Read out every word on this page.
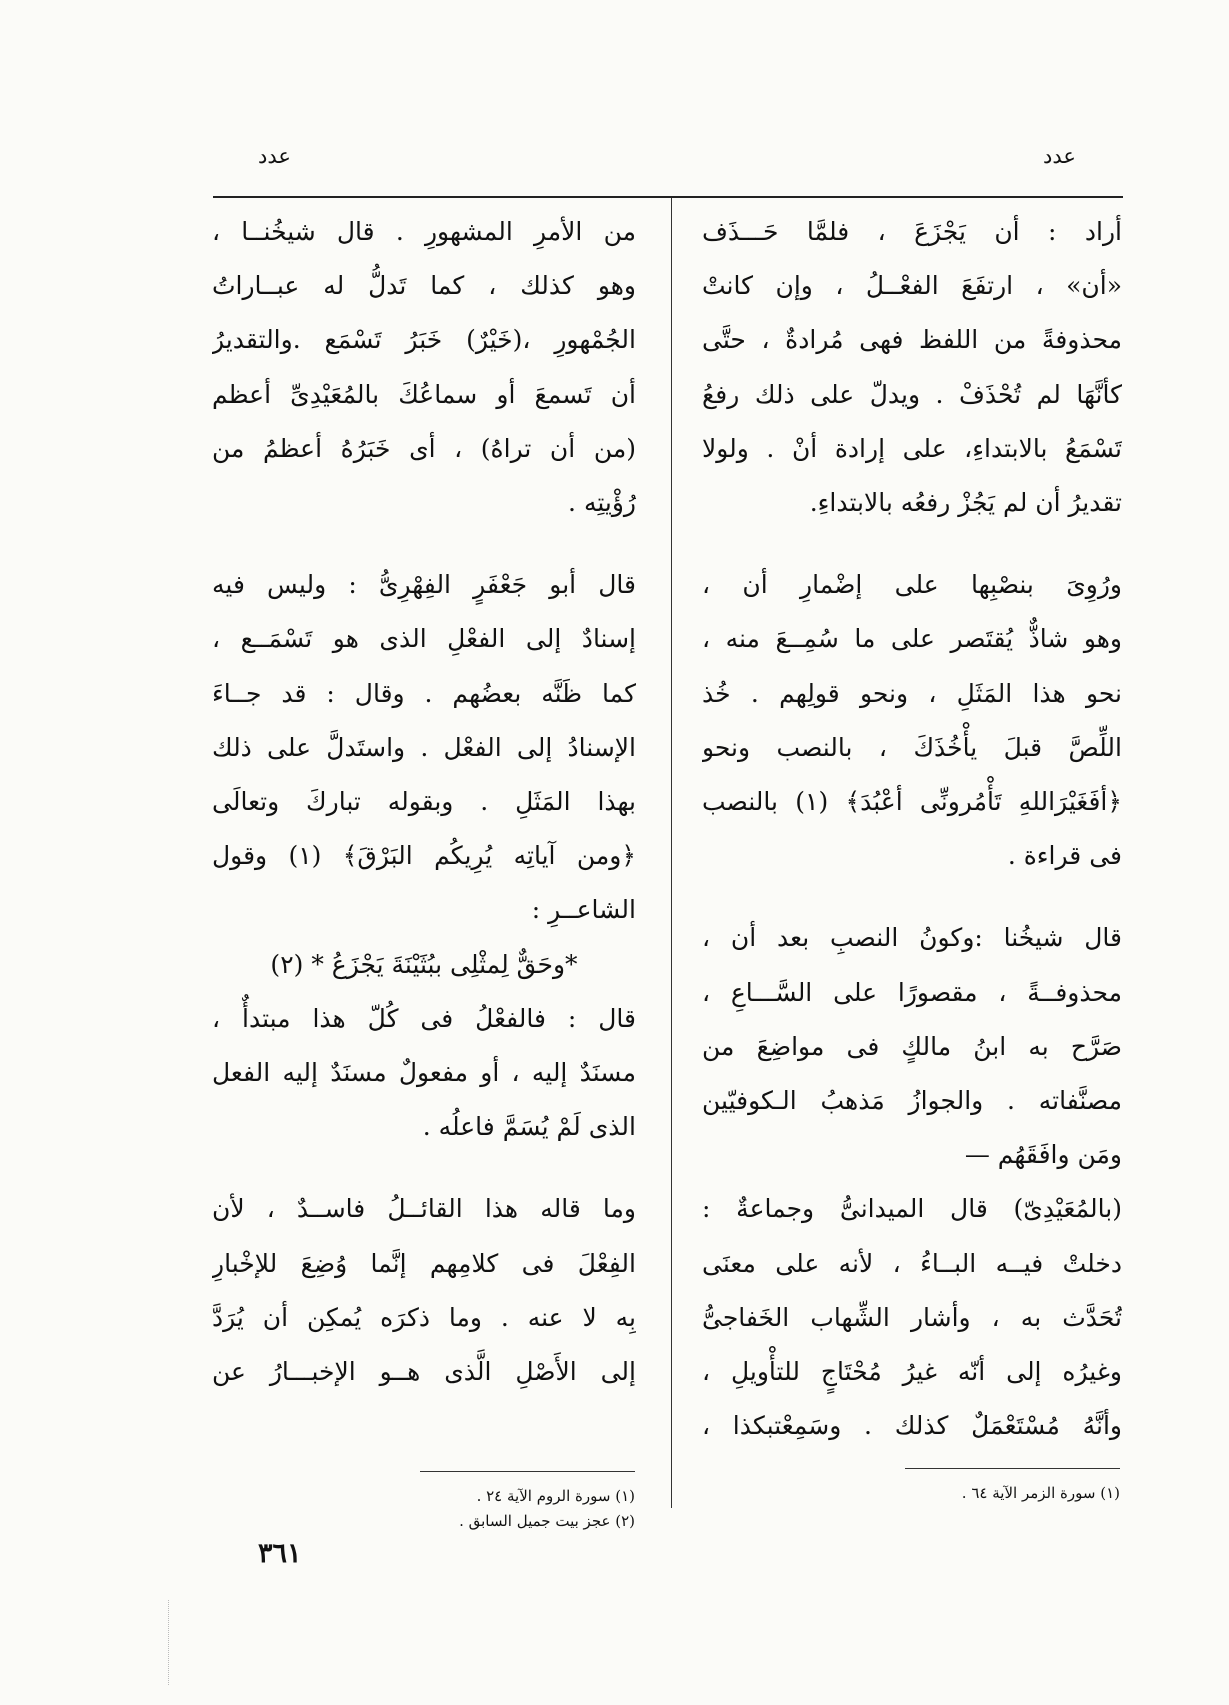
عدد
عدد

أراد : أن يَجْزَعَ ، فلمَّا حَـــذَف

«أن» ، ارتفَعَ الفعْــلُ ، وإن كانتْ

محذوفةً من اللفظ فهى مُرادةٌ ، حتَّى

كأنَّهَا لم تُحْذَفْ . ويدلّ على ذلك رفعُ

تَسْمَعُ بالابتداءِ، على إرادة أنْ . ولولا

تقديرُ أن لم يَجُزْ رفعُه بالابتداءِ.

ورُوِىَ بنصْبِها على إضْمارِ أن ،

وهو شاذٌّ يُقتَصر على ما سُمِــعَ منه ،

نحو هذا المَثَلِ ، ونحو قولِهم . خُذ

اللِّصَّ قبلَ يأْخُذَكَ ، بالنصب ونحو

﴿أفَغَيْرَاللهِ تَأْمُرونِّى أعْبُدَ﴾ (١) بالنصب

فى قراءة .

قال شيخُنا :وكونُ النصبِ بعد أن ،

محذوفــةً ، مقصورًا على السَّـــاعِ ،

صَرَّح به ابنُ مالكٍ فى مواضِعَ من

مصنَّفاته . والجوازُ مَذهبُ الـكوفيّين

ومَن وافَقَهُم —

(بالمُعَيْدِىّ) قال الميدانىُّ وجماعةٌ :

دخلتْ فيــه البــاءُ ، لأنه على معنَى

تُحَدَّث به ، وأشار الشِّهاب الخَفاجىُّ

وغيرُه إلى أنّه غيرُ مُحْتَاجٍ للتأْويلِ ،

وأنَّهُ مُسْتَعْمَلٌ كذلك . وسَمِعْتبكذا ،

من الأمرِ المشهورِ . قال شيخُنــا ،

وهو كذلك ، كما تَدلُّ له عبــاراتُ

الجُمْهورِ ،(خَيْرٌ) خَبَرُ تَسْمَع .والتقديرُ

أن تَسمعَ أو سماعُكَ بالمُعَيْدِىِّ أعظم

(من أن تراهُ) ، أى خَبَرُهُ أعظمُ من

رُؤْيتِه .

قال أبو جَعْفَرٍ الفِهْرِىُّ : وليس فيه

إسنادٌ إلى الفعْلِ الذى هو تَسْمَــع ،

كما ظَنَّه بعضُهم . وقال : قد جــاءَ

الإسنادُ إلى الفعْل . واستَدلَّ على ذلك

بهذا المَثَلِ . وبقوله تباركَ وتعالَى

﴿ومن آياتِه يُرِيكُم البَرْقَ﴾ (١) وقول

الشاعــرِ :

*وحَقٌّ لِمثْلِى ببُثَيْنَةَ يَجْزَعُ * (٢)

قال : فالفعْلُ فى كُلّ هذا مبتدأٌ ،

مسنَدٌ إليه ، أو مفعولٌ مسنَدٌ إليه الفعل

الذى لَمْ يُسَمَّ فاعلُه .

وما قاله هذا القائــلُ فاســدٌ ، لأن

الفِعْلَ فى كلامِهم إنَّما وُضِعَ للإخْبارِ

بِه لا عنه . وما ذكرَه يُمكِن أن يُرَدَّ

إلى الأَصْلِ الَّذى هــو الإخبـــارُ عن

(١) سورة الزمر الآية ٦٤ .
(١) سورة الروم الآية ٢٤ .
(٢) عجز بيت جميل السابق .
٣٦١
